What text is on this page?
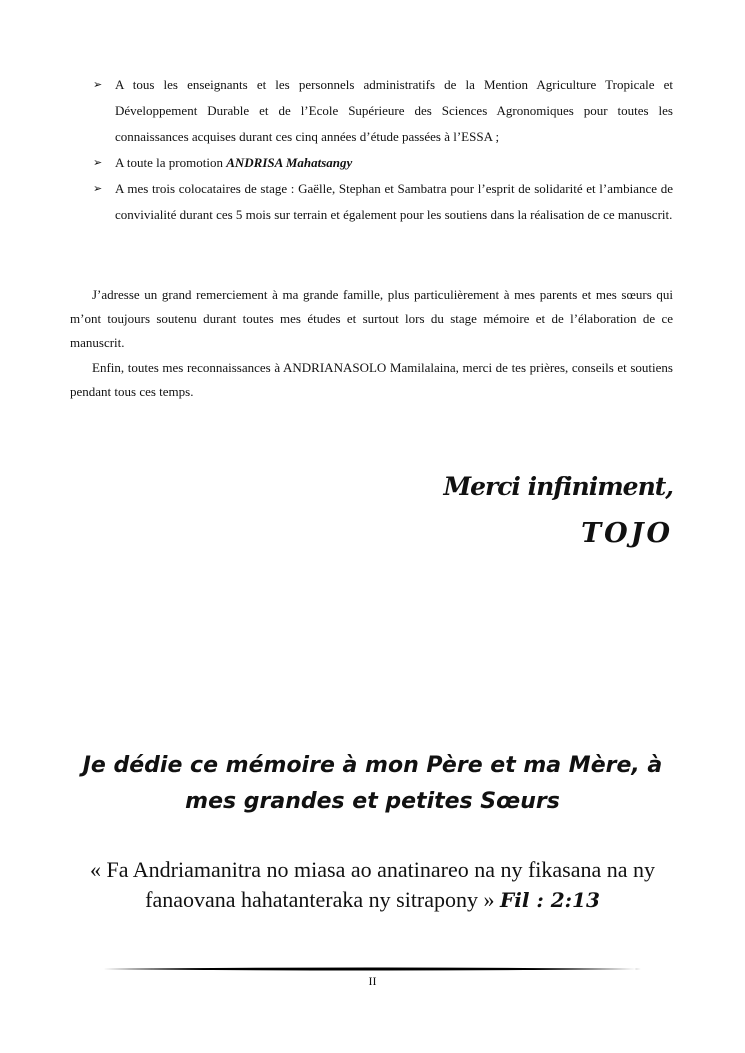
➢ A tous les enseignants et les personnels administratifs de la Mention Agriculture Tropicale et Développement Durable et de l’Ecole Supérieure des Sciences Agronomiques pour toutes les connaissances acquises durant ces cinq années d’étude passées à l’ESSA ;
➢ A toute la promotion ANDRISA Mahatsangy
➢ A mes trois colocataires de stage : Gaëlle, Stephan et Sambatra pour l’esprit de solidarité et l’ambiance de convivialité durant ces 5 mois sur terrain et également pour les soutiens dans la réalisation de ce manuscrit.

J’adresse un grand remerciement à ma grande famille, plus particulièrement à mes parents et mes sœurs qui m’ont toujours soutenu durant toutes mes études et surtout lors du stage mémoire et de l’élaboration de ce manuscrit.

Enfin, toutes mes reconnaissances à ANDRIANASOLO Mamilalaina, merci de tes prières, conseils et soutiens pendant tous ces temps.

Merci infiniment,
TOJO

Je dédie ce mémoire à mon Père et ma Mère, à mes grandes et petites Sœurs

« Fa Andriamanitra no miasa ao anatinareo na ny fikasana na ny fanaovana hahatanteraka ny sitrapony » Fil : 2:13

II
